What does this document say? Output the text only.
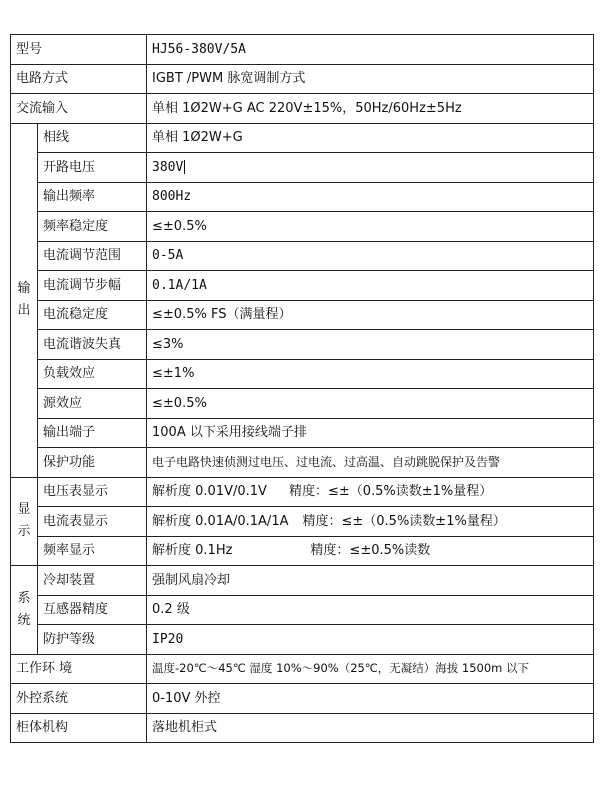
型号		HJ56-380V/5A
电路方式		IGBT /PWM 脉宽调制方式
交流输入		单相 1Ø2W+G AC 220V±15%，50Hz/60Hz±5Hz
输出	相线	单相 1Ø2W+G
	开路电压	380V
	输出频率	800Hz
	频率稳定度	≤±0.5%
	电流调节范围	0-5A
	电流调节步幅	0.1A/1A
	电流稳定度	≤±0.5% FS（满量程）
	电流谐波失真	≤3%
	负载效应	≤±1%
	源效应	≤±0.5%
	输出端子	100A 以下采用接线端子排
	保护功能	电子电路快速侦测过电压、过电流、过高温、自动跳脱保护及告警
显示	电压表显示	解析度 0.01V/0.1V 精度：≤±（0.5%读数±1%量程）
	电流表显示	解析度 0.01A/0.1A/1A 精度：≤±（0.5%读数±1%量程）
	频率显示	解析度 0.1Hz 精度：≤±0.5%读数
系统	冷却装置	强制风扇冷却
	互感器精度	0.2 级
	防护等级	IP20
工作环 境		温度-20℃～45℃ 湿度 10%～90%（25℃，无凝结）海拔 1500m 以下
外控系统		0-10V 外控
柜体机构		落地机柜式
